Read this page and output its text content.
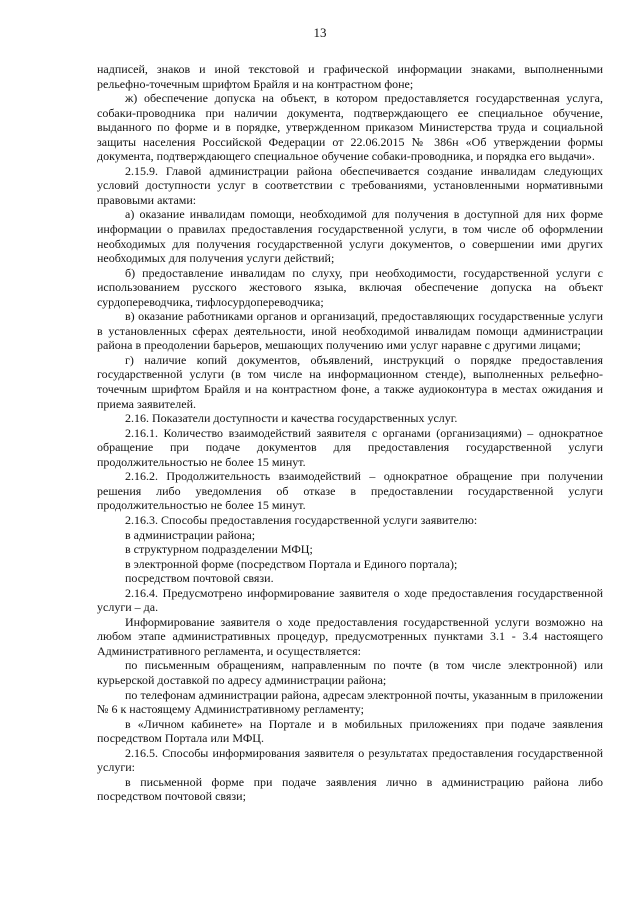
13

надписей, знаков и иной текстовой и графической информации знаками, выполненными рельефно-точечным шрифтом Брайля и на контрастном фоне;

ж) обеспечение допуска на объект, в котором предоставляется государственная услуга, собаки-проводника при наличии документа, подтверждающего ее специальное обучение, выданного по форме и в порядке, утвержденном приказом Министерства труда и социальной защиты населения Российской Федерации от 22.06.2015 № 386н «Об утверждении формы документа, подтверждающего специальное обучение собаки-проводника, и порядка его выдачи».

2.15.9. Главой администрации района обеспечивается создание инвалидам следующих условий доступности услуг в соответствии с требованиями, установленными нормативными правовыми актами:

а) оказание инвалидам помощи, необходимой для получения в доступной для них форме информации о правилах предоставления государственной услуги, в том числе об оформлении необходимых для получения государственной услуги документов, о совершении ими других необходимых для получения услуги действий;

б) предоставление инвалидам по слуху, при необходимости, государственной услуги с использованием русского жестового языка, включая обеспечение допуска на объект сурдопереводчика, тифлосурдопереводчика;

в) оказание работниками органов и организаций, предоставляющих государственные услуги в установленных сферах деятельности, иной необходимой инвалидам помощи администрации района в преодолении барьеров, мешающих получению ими услуг наравне с другими лицами;

г) наличие копий документов, объявлений, инструкций о порядке предоставления государственной услуги (в том числе на информационном стенде), выполненных рельефно-точечным шрифтом Брайля и на контрастном фоне, а также аудиоконтура в местах ожидания и приема заявителей.

2.16. Показатели доступности и качества государственных услуг.

2.16.1. Количество взаимодействий заявителя с органами (организациями) – однократное обращение при подаче документов для предоставления государственной услуги продолжительностью не более 15 минут.

2.16.2. Продолжительность взаимодействий – однократное обращение при получении решения либо уведомления об отказе в предоставлении государственной услуги продолжительностью не более 15 минут.

2.16.3. Способы предоставления государственной услуги заявителю:

в администрации района;

в структурном подразделении МФЦ;

в электронной форме (посредством Портала и Единого портала);

посредством почтовой связи.

2.16.4. Предусмотрено информирование заявителя о ходе предоставления государственной услуги – да.

Информирование заявителя о ходе предоставления государственной услуги возможно на любом этапе административных процедур, предусмотренных пунктами 3.1 - 3.4 настоящего Административного регламента, и осуществляется:

по письменным обращениям, направленным по почте (в том числе электронной) или курьерской доставкой по адресу администрации района;

по телефонам администрации района, адресам электронной почты, указанным в приложении № 6 к настоящему Административному регламенту;

в «Личном кабинете» на Портале и в мобильных приложениях при подаче заявления посредством Портала или МФЦ.

2.16.5. Способы информирования заявителя о результатах предоставления государственной услуги:

в письменной форме при подаче заявления лично в администрацию района либо посредством почтовой связи;
